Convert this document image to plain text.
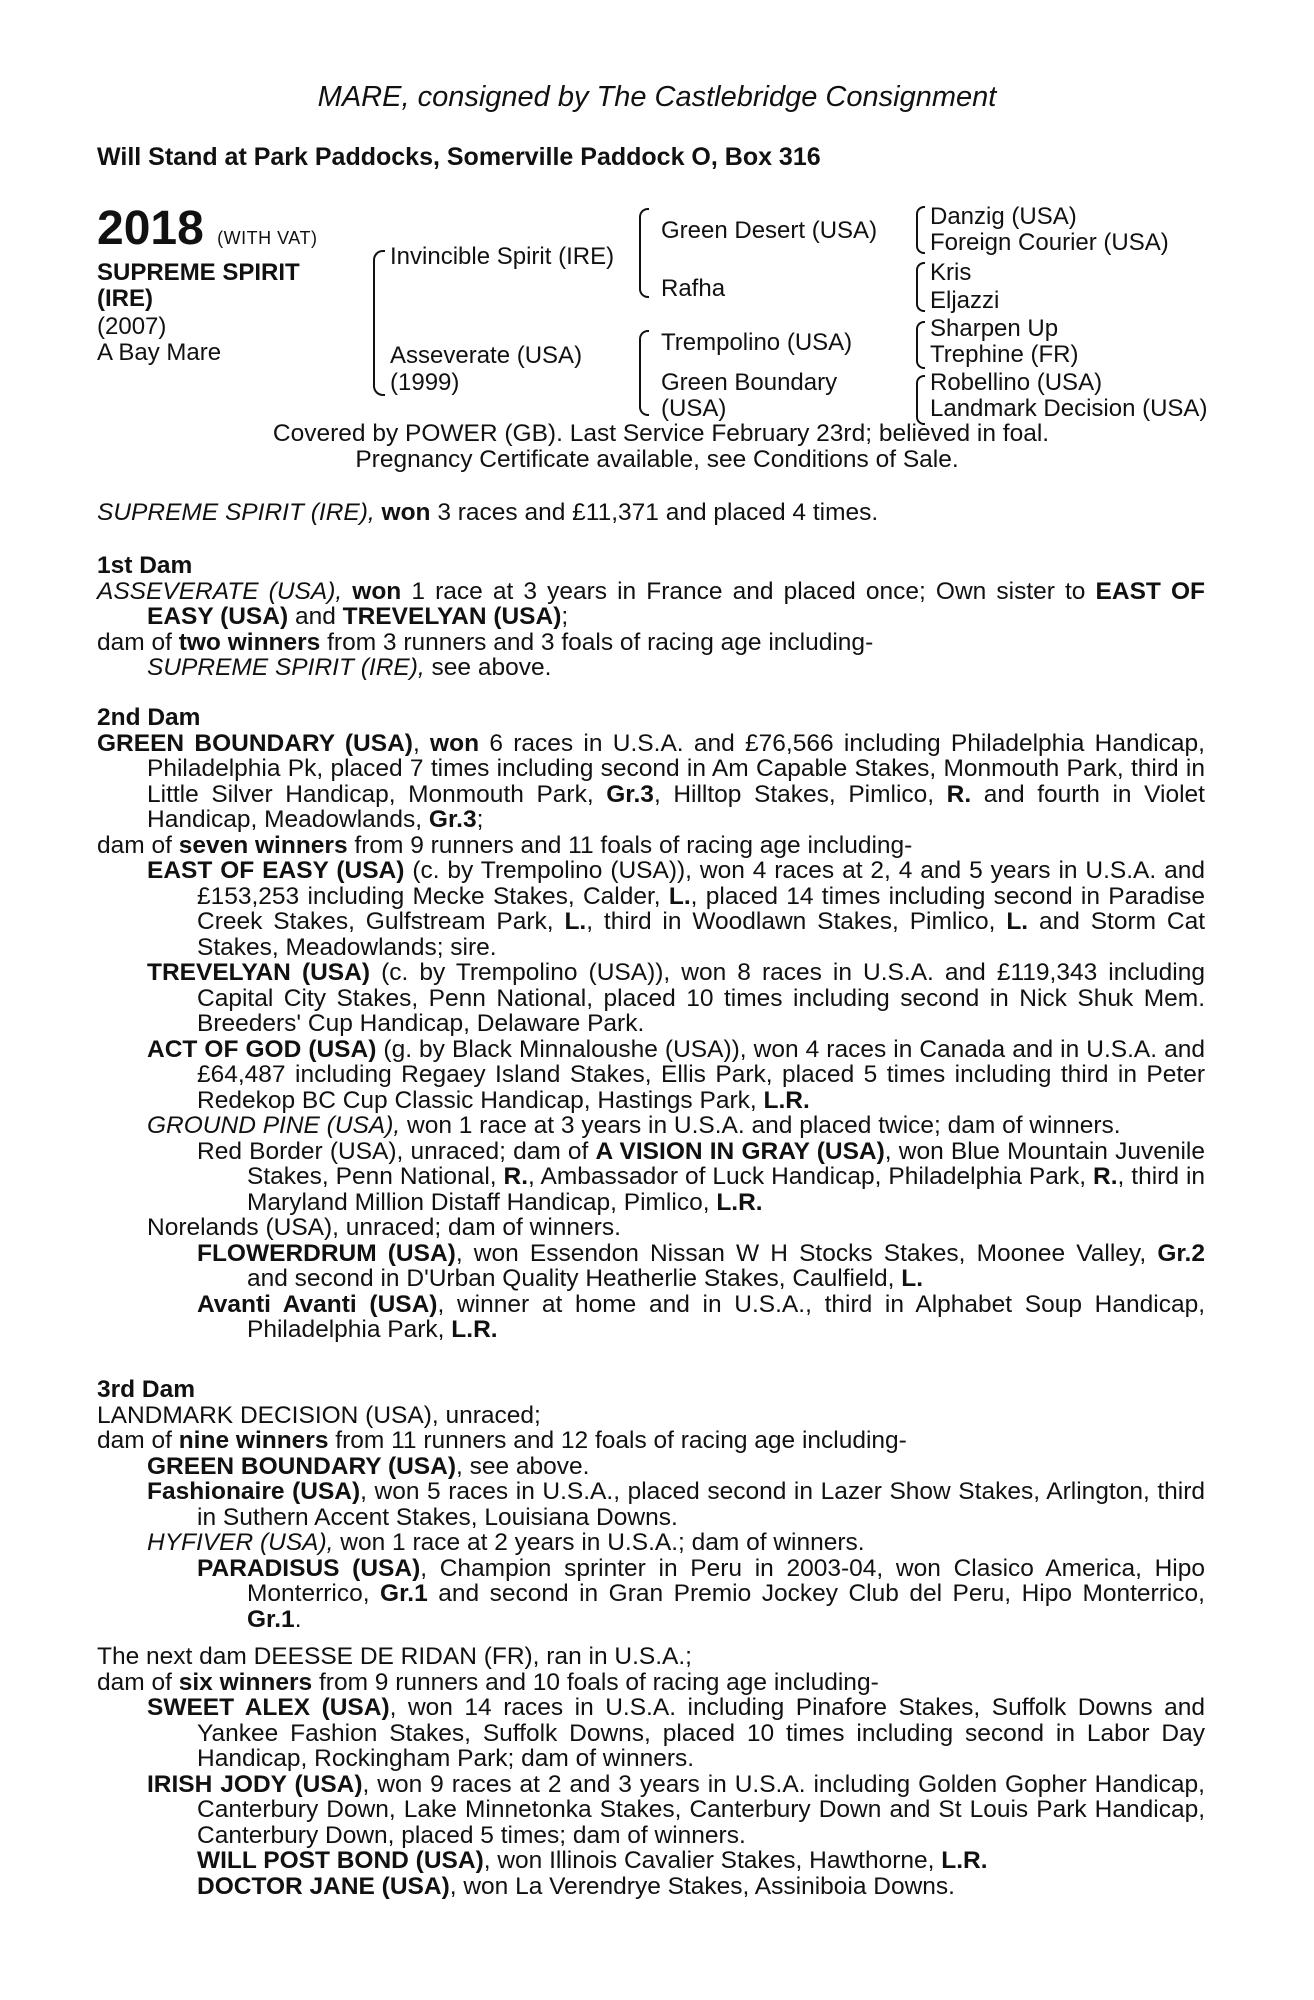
MARE, consigned by The Castlebridge Consignment
Will Stand at Park Paddocks, Somerville Paddock O, Box 316
2018 (WITH VAT)
SUPREME SPIRIT
(IRE)
(2007)
A Bay Mare
Invincible Spirit (IRE)
Asseverate (USA)
(1999)
Green Desert (USA)
Rafha
Trempolino (USA)
Green Boundary
(USA)
Danzig (USA)
Foreign Courier (USA)
Kris
Eljazzi
Sharpen Up
Trephine (FR)
Robellino (USA)
Landmark Decision (USA)
Covered by POWER (GB). Last Service February 23rd; believed in foal.
Pregnancy Certificate available, see Conditions of Sale.
SUPREME SPIRIT (IRE), won 3 races and £11,371 and placed 4 times.
1st Dam
ASSEVERATE (USA), won 1 race at 3 years in France and placed once; Own sister to EAST OF EASY (USA) and TREVELYAN (USA);
dam of two winners from 3 runners and 3 foals of racing age including-
SUPREME SPIRIT (IRE), see above.
2nd Dam
GREEN BOUNDARY (USA), won 6 races in U.S.A. and £76,566 including Philadelphia Handicap, Philadelphia Pk, placed 7 times including second in Am Capable Stakes, Monmouth Park, third in Little Silver Handicap, Monmouth Park, Gr.3, Hilltop Stakes, Pimlico, R. and fourth in Violet Handicap, Meadowlands, Gr.3;
dam of seven winners from 9 runners and 11 foals of racing age including-
EAST OF EASY (USA) (c. by Trempolino (USA)), won 4 races at 2, 4 and 5 years in U.S.A. and £153,253 including Mecke Stakes, Calder, L., placed 14 times including second in Paradise Creek Stakes, Gulfstream Park, L., third in Woodlawn Stakes, Pimlico, L. and Storm Cat Stakes, Meadowlands; sire.
TREVELYAN (USA) (c. by Trempolino (USA)), won 8 races in U.S.A. and £119,343 including Capital City Stakes, Penn National, placed 10 times including second in Nick Shuk Mem. Breeders' Cup Handicap, Delaware Park.
ACT OF GOD (USA) (g. by Black Minnaloushe (USA)), won 4 races in Canada and in U.S.A. and £64,487 including Regaey Island Stakes, Ellis Park, placed 5 times including third in Peter Redekop BC Cup Classic Handicap, Hastings Park, L.R.
GROUND PINE (USA), won 1 race at 3 years in U.S.A. and placed twice; dam of winners.
Red Border (USA), unraced; dam of A VISION IN GRAY (USA), won Blue Mountain Juvenile Stakes, Penn National, R., Ambassador of Luck Handicap, Philadelphia Park, R., third in Maryland Million Distaff Handicap, Pimlico, L.R.
Norelands (USA), unraced; dam of winners.
FLOWERDRUM (USA), won Essendon Nissan W H Stocks Stakes, Moonee Valley, Gr.2 and second in D'Urban Quality Heatherlie Stakes, Caulfield, L.
Avanti Avanti (USA), winner at home and in U.S.A., third in Alphabet Soup Handicap, Philadelphia Park, L.R.
3rd Dam
LANDMARK DECISION (USA), unraced;
dam of nine winners from 11 runners and 12 foals of racing age including-
GREEN BOUNDARY (USA), see above.
Fashionaire (USA), won 5 races in U.S.A., placed second in Lazer Show Stakes, Arlington, third in Suthern Accent Stakes, Louisiana Downs.
HYFIVER (USA), won 1 race at 2 years in U.S.A.; dam of winners.
PARADISUS (USA), Champion sprinter in Peru in 2003-04, won Clasico America, Hipo Monterrico, Gr.1 and second in Gran Premio Jockey Club del Peru, Hipo Monterrico, Gr.1.
The next dam DEESSE DE RIDAN (FR), ran in U.S.A.;
dam of six winners from 9 runners and 10 foals of racing age including-
SWEET ALEX (USA), won 14 races in U.S.A. including Pinafore Stakes, Suffolk Downs and Yankee Fashion Stakes, Suffolk Downs, placed 10 times including second in Labor Day Handicap, Rockingham Park; dam of winners.
IRISH JODY (USA), won 9 races at 2 and 3 years in U.S.A. including Golden Gopher Handicap, Canterbury Down, Lake Minnetonka Stakes, Canterbury Down and St Louis Park Handicap, Canterbury Down, placed 5 times; dam of winners.
WILL POST BOND (USA), won Illinois Cavalier Stakes, Hawthorne, L.R.
DOCTOR JANE (USA), won La Verendrye Stakes, Assiniboia Downs.
